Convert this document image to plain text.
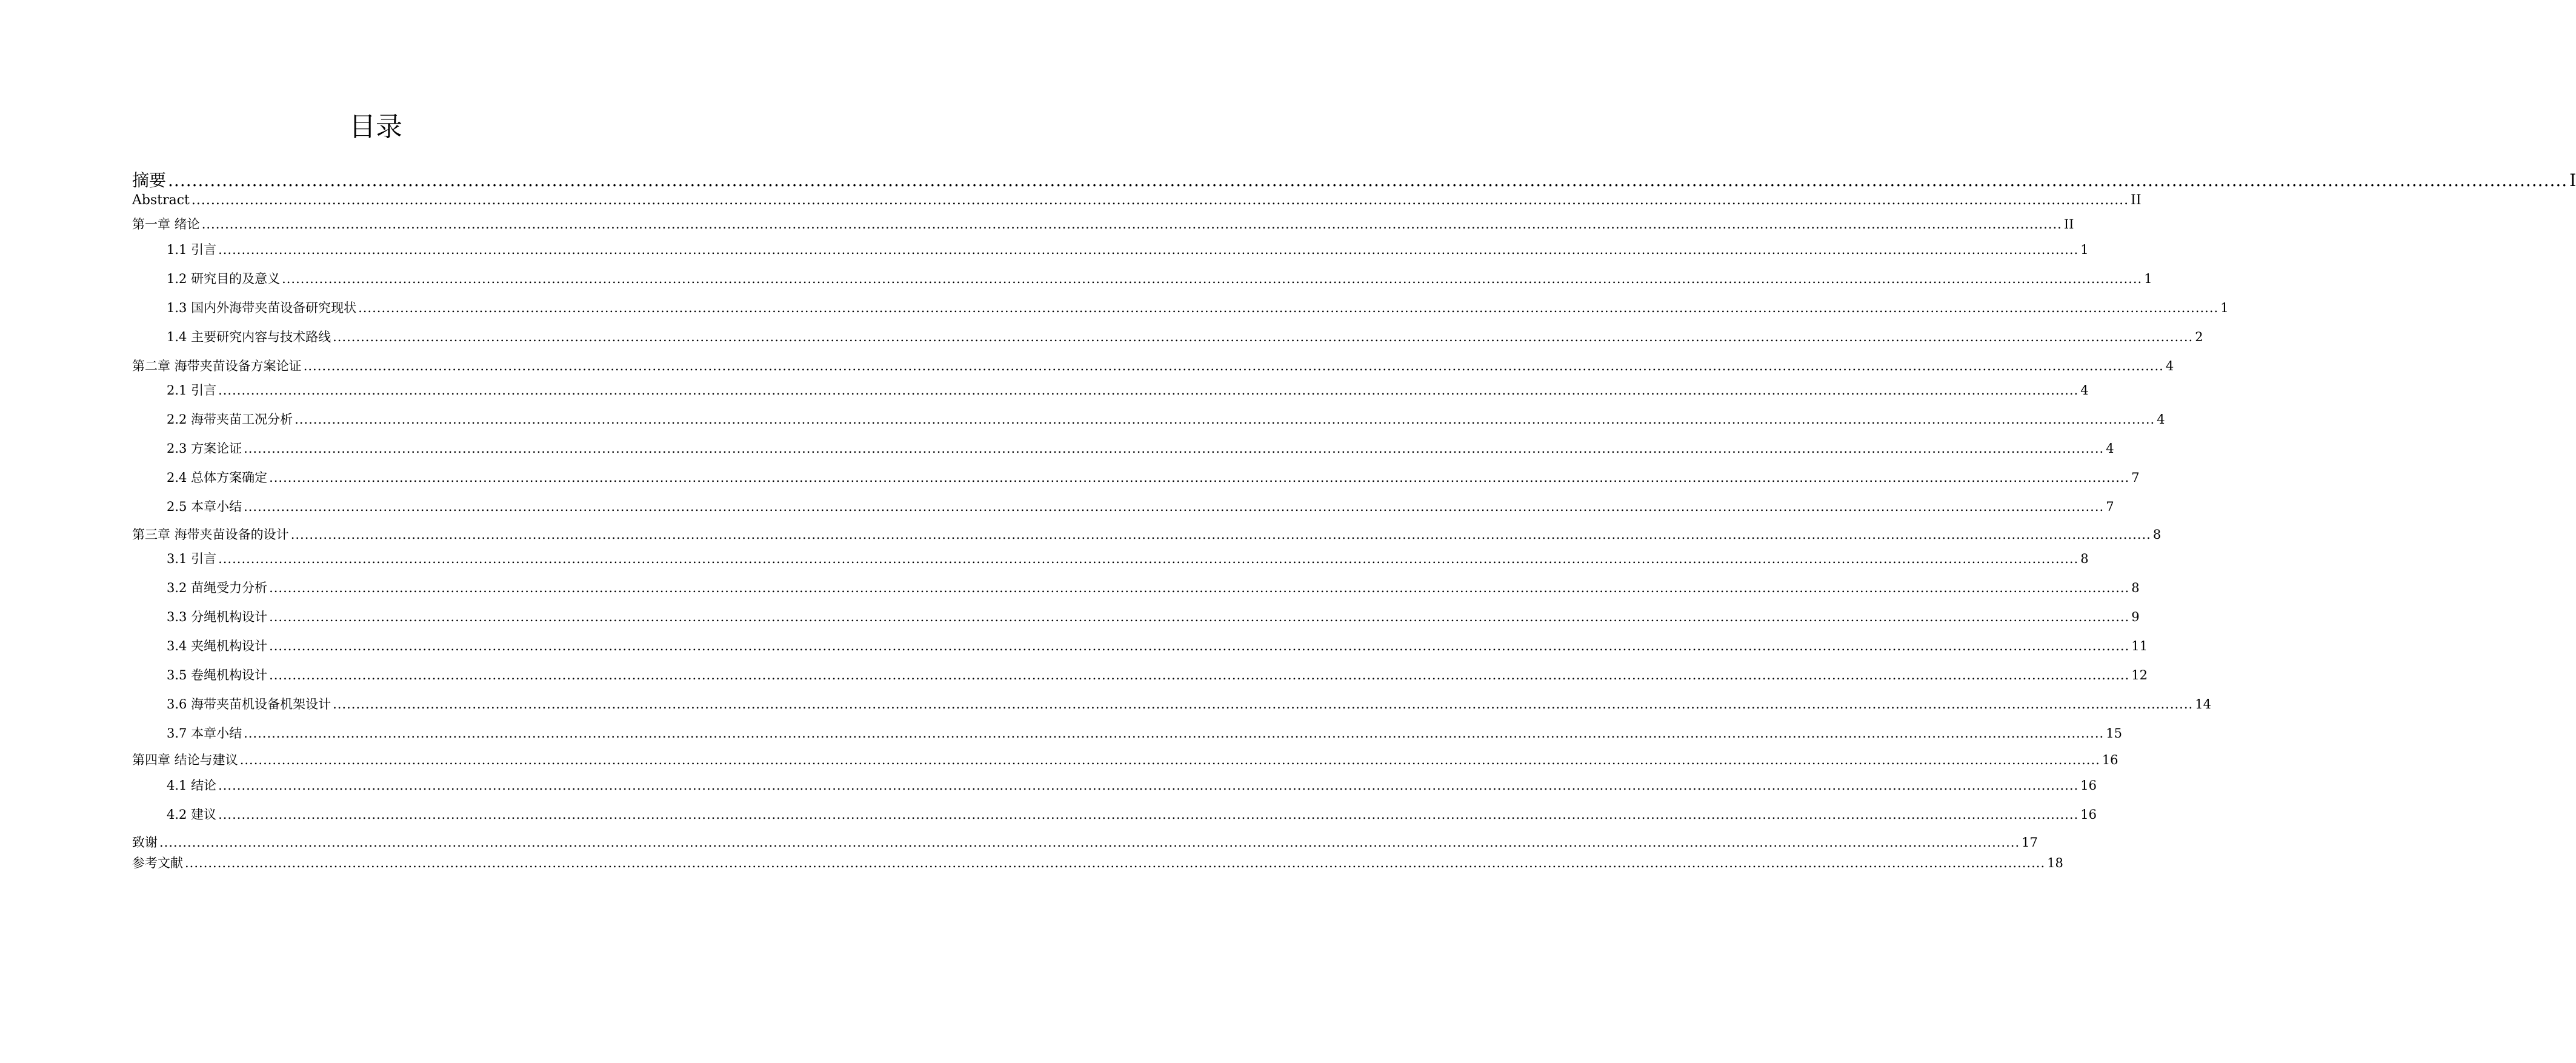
目录
摘要 ................................................................................................................................................................................................................................................................................................................................................................................................................ I
Abstract ................................................................................................................................................................................................................................................................................................................................................................................................................ II
第一章 绪论 ................................................................................................................................................................................................................................................................................................................................................................................................................ II
1.1 引言 ................................................................................................................................................................................................................................................................................................................................................................................................................ 1
1.2 研究目的及意义 ................................................................................................................................................................................................................................................................................................................................................................................................................ 1
1.3 国内外海带夹苗设备研究现状 ................................................................................................................................................................................................................................................................................................................................................................................................................ 1
1.4 主要研究内容与技术路线 ................................................................................................................................................................................................................................................................................................................................................................................................................ 2
第二章 海带夹苗设备方案论证 ................................................................................................................................................................................................................................................................................................................................................................................................................ 4
2.1 引言 ................................................................................................................................................................................................................................................................................................................................................................................................................ 4
2.2 海带夹苗工况分析 ................................................................................................................................................................................................................................................................................................................................................................................................................ 4
2.3 方案论证 ................................................................................................................................................................................................................................................................................................................................................................................................................ 4
2.4 总体方案确定 ................................................................................................................................................................................................................................................................................................................................................................................................................ 7
2.5 本章小结 ................................................................................................................................................................................................................................................................................................................................................................................................................ 7
第三章 海带夹苗设备的设计 ................................................................................................................................................................................................................................................................................................................................................................................................................ 8
3.1 引言 ................................................................................................................................................................................................................................................................................................................................................................................................................ 8
3.2 苗绳受力分析 ................................................................................................................................................................................................................................................................................................................................................................................................................ 8
3.3 分绳机构设计 ................................................................................................................................................................................................................................................................................................................................................................................................................ 9
3.4 夹绳机构设计 ................................................................................................................................................................................................................................................................................................................................................................................................................ 11
3.5 卷绳机构设计 ................................................................................................................................................................................................................................................................................................................................................................................................................ 12
3.6 海带夹苗机设备机架设计 ................................................................................................................................................................................................................................................................................................................................................................................................................ 14
3.7 本章小结 ................................................................................................................................................................................................................................................................................................................................................................................................................ 15
第四章 结论与建议 ................................................................................................................................................................................................................................................................................................................................................................................................................ 16
4.1 结论 ................................................................................................................................................................................................................................................................................................................................................................................................................ 16
4.2 建议 ................................................................................................................................................................................................................................................................................................................................................................................................................ 16
致谢 ................................................................................................................................................................................................................................................................................................................................................................................................................ 17
参考文献 ................................................................................................................................................................................................................................................................................................................................................................................................................ 18
